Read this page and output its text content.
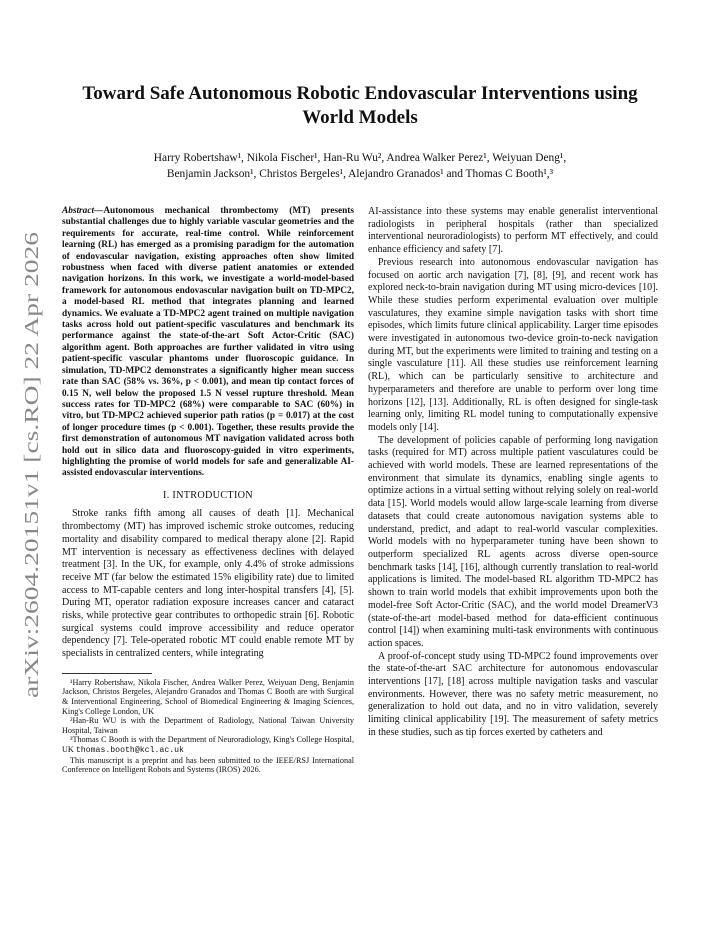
arXiv:2604.20151v1 [cs.RO] 22 Apr 2026
Toward Safe Autonomous Robotic Endovascular Interventions using World Models
Harry Robertshaw¹, Nikola Fischer¹, Han-Ru Wu², Andrea Walker Perez¹, Weiyuan Deng¹,
Benjamin Jackson¹, Christos Bergeles¹, Alejandro Granados¹ and Thomas C Booth¹,³

Abstract—Autonomous mechanical thrombectomy (MT) presents substantial challenges due to highly variable vascular geometries and the requirements for accurate, real-time control. While reinforcement learning (RL) has emerged as a promising paradigm for the automation of endovascular navigation, existing approaches often show limited robustness when faced with diverse patient anatomies or extended navigation horizons. In this work, we investigate a world-model-based framework for autonomous endovascular navigation built on TD-MPC2, a model-based RL method that integrates planning and learned dynamics. We evaluate a TD-MPC2 agent trained on multiple navigation tasks across hold out patient-specific vasculatures and benchmark its performance against the state-of-the-art Soft Actor-Critic (SAC) algorithm agent. Both approaches are further validated in vitro using patient-specific vascular phantoms under fluoroscopic guidance. In simulation, TD-MPC2 demonstrates a significantly higher mean success rate than SAC (58% vs. 36%, p < 0.001), and mean tip contact forces of 0.15 N, well below the proposed 1.5 N vessel rupture threshold. Mean success rates for TD-MPC2 (68%) were comparable to SAC (60%) in vitro, but TD-MPC2 achieved superior path ratios (p = 0.017) at the cost of longer procedure times (p < 0.001). Together, these results provide the first demonstration of autonomous MT navigation validated across both hold out in silico data and fluoroscopy-guided in vitro experiments, highlighting the promise of world models for safe and generalizable AI-assisted endovascular interventions.

I. INTRODUCTION

Stroke ranks fifth among all causes of death [1]. Mechanical thrombectomy (MT) has improved ischemic stroke outcomes, reducing mortality and disability compared to medical therapy alone [2]. Rapid MT intervention is necessary as effectiveness declines with delayed treatment [3]. In the UK, for example, only 4.4% of stroke admissions receive MT (far below the estimated 15% eligibility rate) due to limited access to MT-capable centers and long inter-hospital transfers [4], [5]. During MT, operator radiation exposure increases cancer and cataract risks, while protective gear contributes to orthopedic strain [6]. Robotic surgical systems could improve accessibility and reduce operator dependency [7]. Tele-operated robotic MT could enable remote MT by specialists in centralized centers, while integrating

¹Harry Robertshaw, Nikola Fischer, Andrea Walker Perez, Weiyuan Deng, Benjamin Jackson, Christos Bergeles, Alejandro Granados and Thomas C Booth are with Surgical & Interventional Engineering, School of Biomedical Engineering & Imaging Sciences, King's College London, UK

²Han-Ru WU is with the Department of Radiology, National Taiwan University Hospital, Taiwan

³Thomas C Booth is with the Department of Neuroradiology, King's College Hospital, UK thomas.booth@kcl.ac.uk

This manuscript is a preprint and has been submitted to the IEEE/RSJ International Conference on Intelligent Robots and Systems (IROS) 2026.

AI-assistance into these systems may enable generalist interventional radiologists in peripheral hospitals (rather than specialized interventional neuroradiologists) to perform MT effectively, and could enhance efficiency and safety [7].

Previous research into autonomous endovascular navigation has focused on aortic arch navigation [7], [8], [9], and recent work has explored neck-to-brain navigation during MT using micro-devices [10]. While these studies perform experimental evaluation over multiple vasculatures, they examine simple navigation tasks with short time episodes, which limits future clinical applicability. Larger time episodes were investigated in autonomous two-device groin-to-neck navigation during MT, but the experiments were limited to training and testing on a single vasculature [11]. All these studies use reinforcement learning (RL), which can be particularly sensitive to architecture and hyperparameters and therefore are unable to perform over long time horizons [12], [13]. Additionally, RL is often designed for single-task learning only, limiting RL model tuning to computationally expensive models only [14].

The development of policies capable of performing long navigation tasks (required for MT) across multiple patient vasculatures could be achieved with world models. These are learned representations of the environment that simulate its dynamics, enabling single agents to optimize actions in a virtual setting without relying solely on real-world data [15]. World models would allow large-scale learning from diverse datasets that could create autonomous navigation systems able to understand, predict, and adapt to real-world vascular complexities. World models with no hyperparameter tuning have been shown to outperform specialized RL agents across diverse open-source benchmark tasks [14], [16], although currently translation to real-world applications is limited. The model-based RL algorithm TD-MPC2 has shown to train world models that exhibit improvements upon both the model-free Soft Actor-Critic (SAC), and the world model DreamerV3 (state-of-the-art model-based method for data-efficient continuous control [14]) when examining multi-task environments with continuous action spaces.

A proof-of-concept study using TD-MPC2 found improvements over the state-of-the-art SAC architecture for autonomous endovascular interventions [17], [18] across multiple navigation tasks and vascular environments. However, there was no safety metric measurement, no generalization to hold out data, and no in vitro validation, severely limiting clinical applicability [19]. The measurement of safety metrics in these studies, such as tip forces exerted by catheters and
